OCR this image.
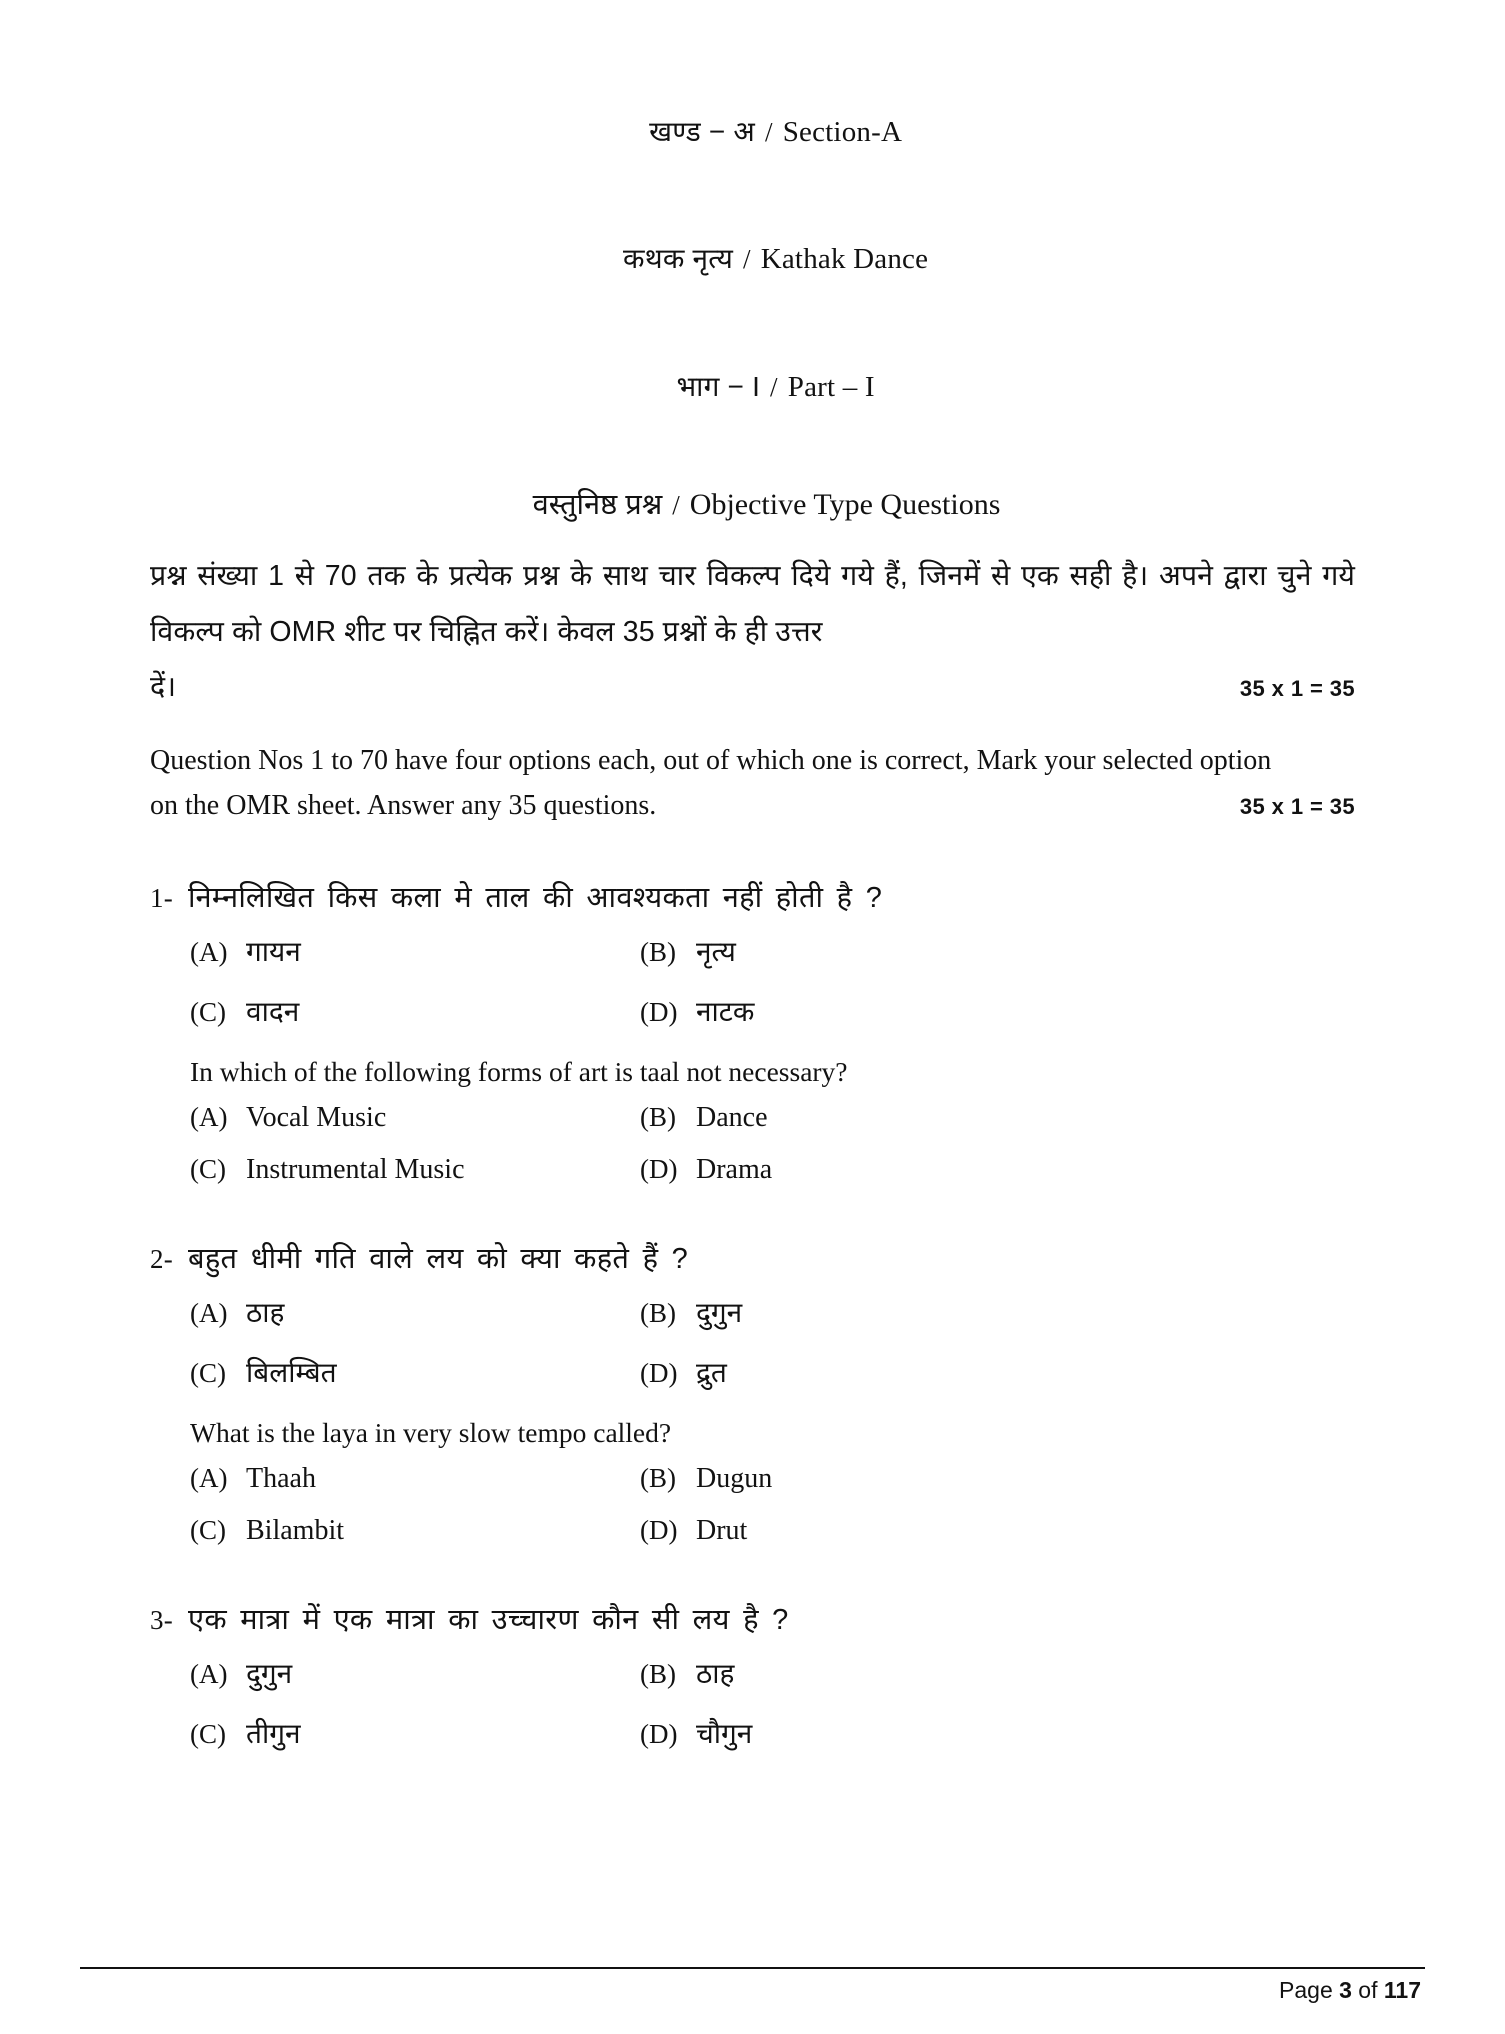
खण्ड − अ / Section-A

कथक नृत्य / Kathak Dance

भाग − I / Part – I

वस्तुनिष्ठ प्रश्न / Objective Type Questions
प्रश्न संख्या 1 से 70 तक के प्रत्येक प्रश्न के साथ चार विकल्प दिये गये हैं, जिनमें से एक सही है। अपने द्वारा चुने गये विकल्प को OMR शीट पर चिह्नित करें। केवल 35 प्रश्नों के ही उत्तर
दें।	35 x 1 = 35
Question Nos 1 to 70 have four options each, out of which one is correct, Mark your selected option
on the OMR sheet. Answer any 35 questions.	35 x 1 = 35
1- निम्नलिखित किस कला मे ताल की आवश्यकता नहीं होती है ?
(A) गायन	(B) नृत्य
(C) वादन	(D) नाटक
In which of the following forms of art is taal not necessary?
(A) Vocal Music	(B) Dance
(C) Instrumental Music	(D) Drama
2- बहुत धीमी गति वाले लय को क्या कहते हैं ?
(A) ठाह	(B) दुगुन
(C) बिलम्बित	(D) द्रुत
What is the laya in very slow tempo called?
(A) Thaah	(B) Dugun
(C) Bilambit	(D) Drut
3- एक मात्रा में एक मात्रा का उच्चारण कौन सी लय है ?
(A) दुगुन	(B) ठाह
(C) तीगुन	(D) चौगुन
Page 3 of 117
